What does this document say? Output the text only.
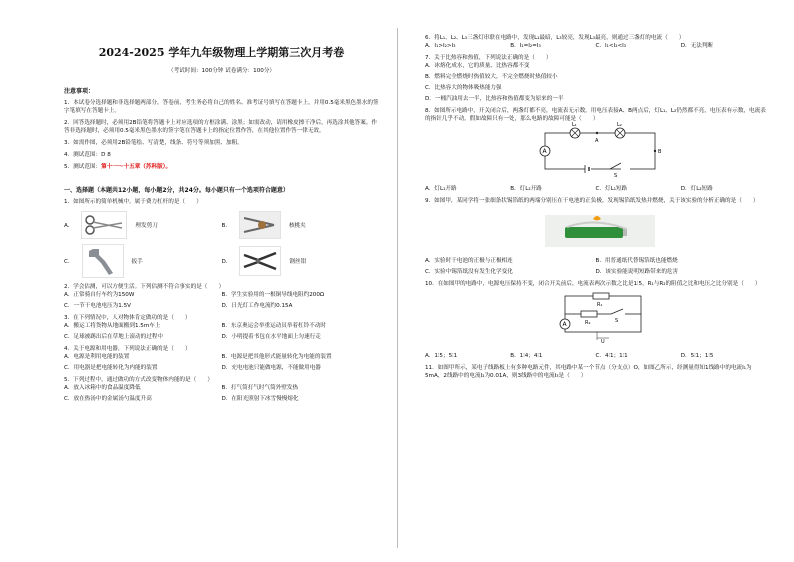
2024-2025 学年九年级物理上学期第三次月考卷
（考试时间：100分钟 试卷满分：100分）
注意事项：
1．本试卷分选择题和非选择题两部分，答卷前，考生务必将自己的姓名、准考证号填写在答题卡上，并用0.5毫米黑色墨水的签字笔填写在答题卡上。
2．回答选择题时，必须用2B铅笔将答题卡上对应选项的方框涂满、涂黑；如需改动，请用橡皮擦干净后，再选涂其他答案。作答非选择题时，必须用0.5毫米黑色墨水的签字笔在答题卡上的指定位置作答，在其他位置作答一律无效。
3．如需作图，必须用2B铅笔绘、写清楚，线条、符号等须加黑、加粗。
4．测试范围：D 8
5．测试范围：第十一～十五章（苏科版）。
一、选择题（本题共12小题，每小题2分，共24分。每小题只有一个选项符合题意）
1．如图所示的简单机械中，属于费力杠杆的是（　　）
A．	理发剪刀	B．	核桃夹
C．	扳手	D．	钢丝钳
2．学会估测，可以方便生活。下列估测不符合事实的是（　　）
A．正常骑自行车约为150W	B．学生实验用的一根铜导线电阻约200Ω
C．一节干电池电压为1.5V	D．日光灯工作电流约0.15A
3．在下列情况中，人对物体肯定做功的是（　　）
A．搬运工将货物从地面搬到1.5m车上	B．东京奥运会举重运动员举着杠铃不动时
C．足球被踢出后在草地上滚动的过程中	D．小明提着书包在水平地面上匀速行走
4．关于电源和用电器，下列说法正确的是（　　）
A．电源是利用电能的装置	B．电源是把其他形式能量转化为电能的装置
C．用电器是把电能转化为内能的装置	D．充电电池只能做电源，不能做用电器
5．下列过程中，通过做功的方式改变物体内能的是（　　）
A．放入冰箱中的食品温度降低	B．打气筒打气时气筒外壁发热
C．放在热汤中的金属汤勺温度升高	D．在阳光照射下冰雪慢慢熔化
6．将L₁、L₂、L₃三盏灯串联在电路中，发现L₁最暗，L₃较亮，发现L₃最亮，则通过三盏灯的电流（　　）
A．I₁>I₂>I₃	B．I₁=I₂=I₃	C．I₁<I₂<I₃	D．无法判断
7．关于比热容和热值，下列说法正确的是（　　）
A．冰熔化成水，它的质量、比热容都不变
B．燃料完全燃烧时热值较大，不完全燃烧时热值较小
C．比热容大的物体吸热能力强
D．一桶汽油用去一半，比热容和热值都变为原来的一半
8．如图所示电路中，开关闭合后，两盏灯都不亮，电流表无示数，用电压表接A、B两点后，灯L₁、L₂仍然都不亮，电压表有示数，电流表的指针几乎不动，假如故障只有一处，那么电路的故障可能是（　　）
A
L₁	L₂
A
B
S
A．灯L₁开路	B．灯L₂开路	C．灯L₁短路	D．灯L₂短路
9．如图甲，某同学将一张细条状锡箔纸的两端分别压在干电池的正负极，发现锡箔纸发热并燃烧，关于该实验的分析正确的是（　　）
A．实验时干电池的正极与正极相连	B．用普通纸代替锡箔纸也能燃烧
C．实验中锡箔纸没有发生化学变化	D．该实验能说明短路带来的危害
10．在如图甲的电路中，电源电压保持不变，闭合开关前后，电流表两次示数之比是1∶5，R₁与R₂的阻值之比和电压之比分别是（　　）
A
R₁
R₂	S
U
A．1∶5；5∶1	B．1∶4；4∶1	C．4∶1；1∶1	D．5∶1；1∶5
11．如图甲所示，某电子线路板上有多种电路元件，其电路中某一个节点（分支点）O，如图乙所示，经测量得知1线路中的电流I₁为5mA，2线路中的电流I₂为0.01A，则3线路中的电流I₃是（　　）
